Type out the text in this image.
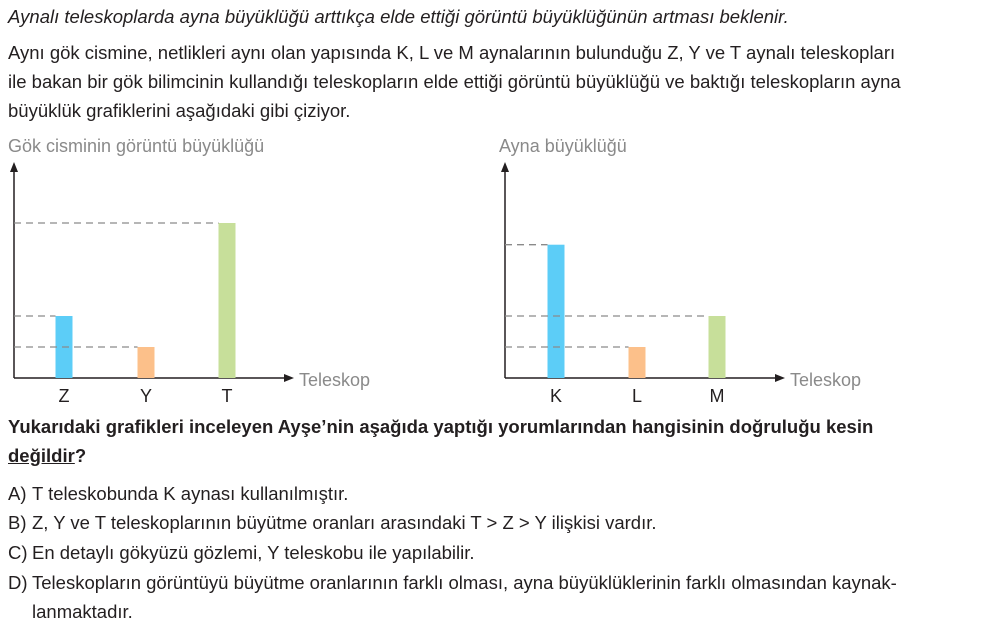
Aynalı teleskoplarda ayna büyüklüğü arttıkça elde ettiği görüntü büyüklüğünün artması beklenir.
Aynı gök cismine, netlikleri aynı olan yapısında K, L ve M aynalarının bulunduğu Z, Y ve T aynalı teleskopları
ile bakan bir gök bilimcinin kullandığı teleskopların elde ettiği görüntü büyüklüğü ve baktığı teleskopların ayna
büyüklük grafiklerini aşağıdaki gibi çiziyor.
Gök cisminin görüntü büyüklüğü
Teleskop
Z	Y	T
Ayna büyüklüğü
Teleskop
K	L	M
Yukarıdaki grafikleri inceleyen Ayşe’nin aşağıda yaptığı yorumlarından hangisinin doğruluğu kesin
değildir?
A) T teleskobunda K aynası kullanılmıştır.
B) Z, Y ve T teleskoplarının büyütme oranları arasındaki T > Z > Y ilişkisi vardır.
C) En detaylı gökyüzü gözlemi, Y teleskobu ile yapılabilir.
D) Teleskopların görüntüyü büyütme oranlarının farklı olması, ayna büyüklüklerinin farklı olmasından kaynak-
lanmaktadır.
